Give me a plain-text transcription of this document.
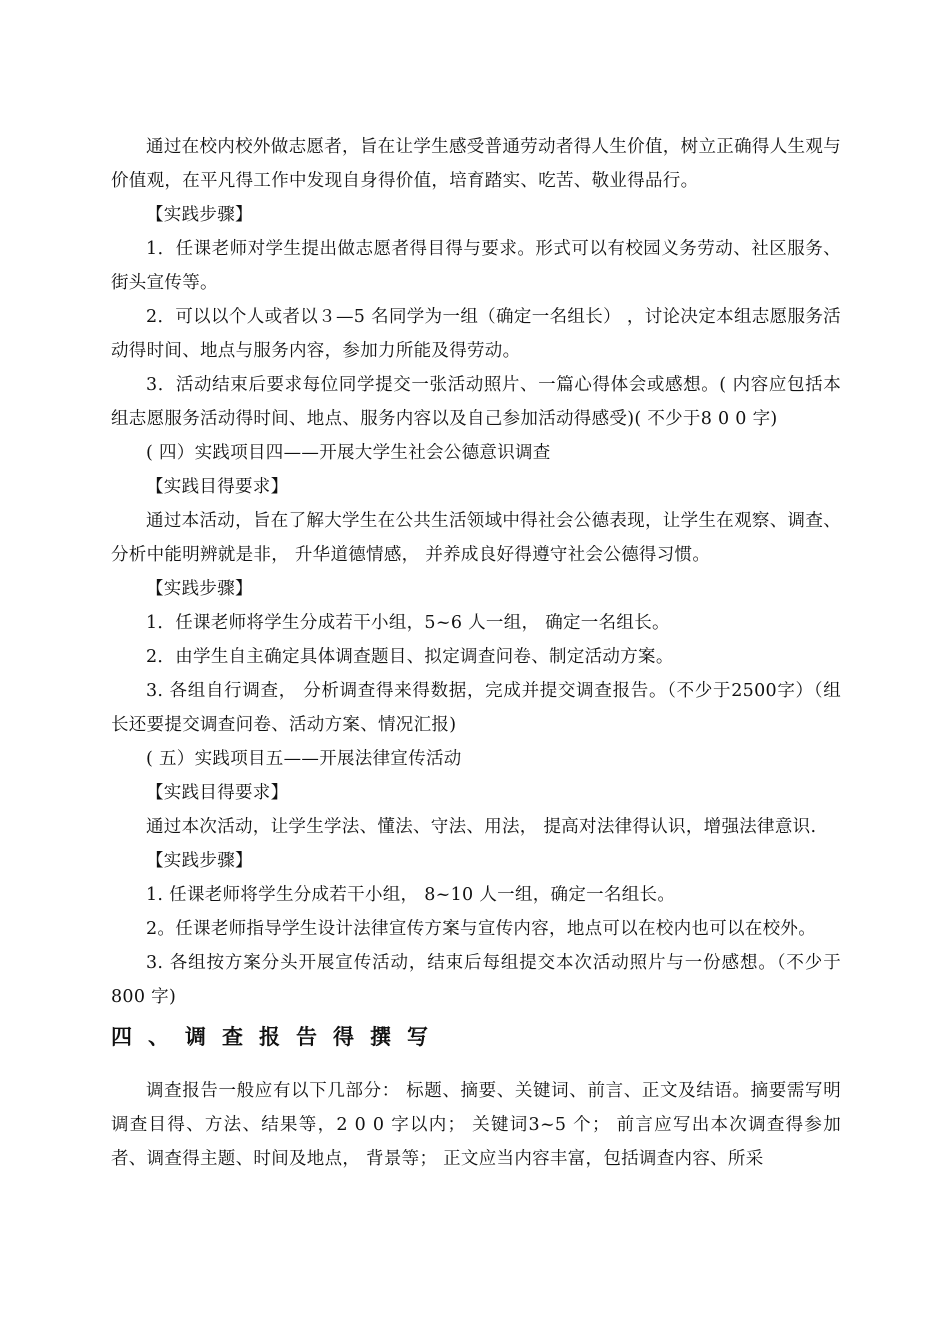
通过在校内校外做志愿者，旨在让学生感受普通劳动者得人生价值，树立正确得人生观与价值观，在平凡得工作中发现自身得价值，培育踏实、吃苦、敬业得品行。

【实践步骤】

1．任课老师对学生提出做志愿者得目得与要求。形式可以有校园义务劳动、社区服务、街头宣传等。

2．可以以个人或者以３—5 名同学为一组（确定一名组长） ，讨论决定本组志愿服务活动得时间、地点与服务内容，参加力所能及得劳动。

3．活动结束后要求每位同学提交一张活动照片、一篇心得体会或感想。( 内容应包括本组志愿服务活动得时间、地点、服务内容以及自己参加活动得感受)( 不少于8 0 0 字)

( 四）实践项目四——开展大学生社会公德意识调查

【实践目得要求】

通过本活动，旨在了解大学生在公共生活领域中得社会公德表现，让学生在观察、调查、分析中能明辨就是非， 升华道德情感， 并养成良好得遵守社会公德得习惯。

【实践步骤】

1．任课老师将学生分成若干小组，5~6 人一组， 确定一名组长。

2．由学生自主确定具体调查题目、拟定调查问卷、制定活动方案。

3. 各组自行调查， 分析调查得来得数据，完成并提交调查报告。（不少于2500字）（组长还要提交调查问卷、活动方案、情况汇报)

( 五）实践项目五——开展法律宣传活动

【实践目得要求】

通过本次活动，让学生学法、懂法、守法、用法， 提高对法律得认识，增强法律意识.

【实践步骤】

1. 任课老师将学生分成若干小组， 8~10 人一组，确定一名组长。

2。任课老师指导学生设计法律宣传方案与宣传内容，地点可以在校内也可以在校外。

3. 各组按方案分头开展宣传活动，结束后每组提交本次活动照片与一份感想。（不少于800 字)

四、调查报告得撰写

调查报告一般应有以下几部分： 标题、摘要、关键词、前言、正文及结语。摘要需写明调查目得、方法、结果等，2 0 0 字以内； 关键词3~5 个； 前言应写出本次调查得参加者、调查得主题、时间及地点， 背景等； 正文应当内容丰富，包括调查内容、所采
